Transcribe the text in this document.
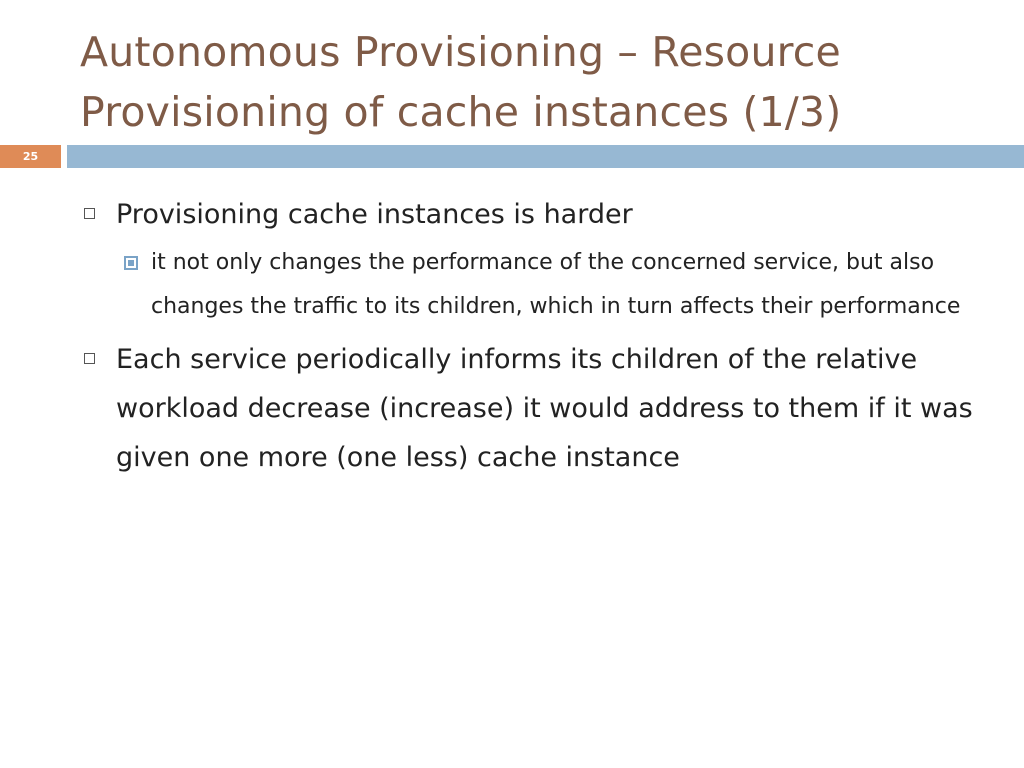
Autonomous Provisioning – Resource
Provisioning of cache instances (1/3)
25
Provisioning cache instances is harder
it not only changes the performance of the concerned service, but also changes the traffic to its children, which in turn affects their performance
Each service periodically informs its children of the relative workload decrease (increase) it would address to them if it was given one more (one less) cache instance
